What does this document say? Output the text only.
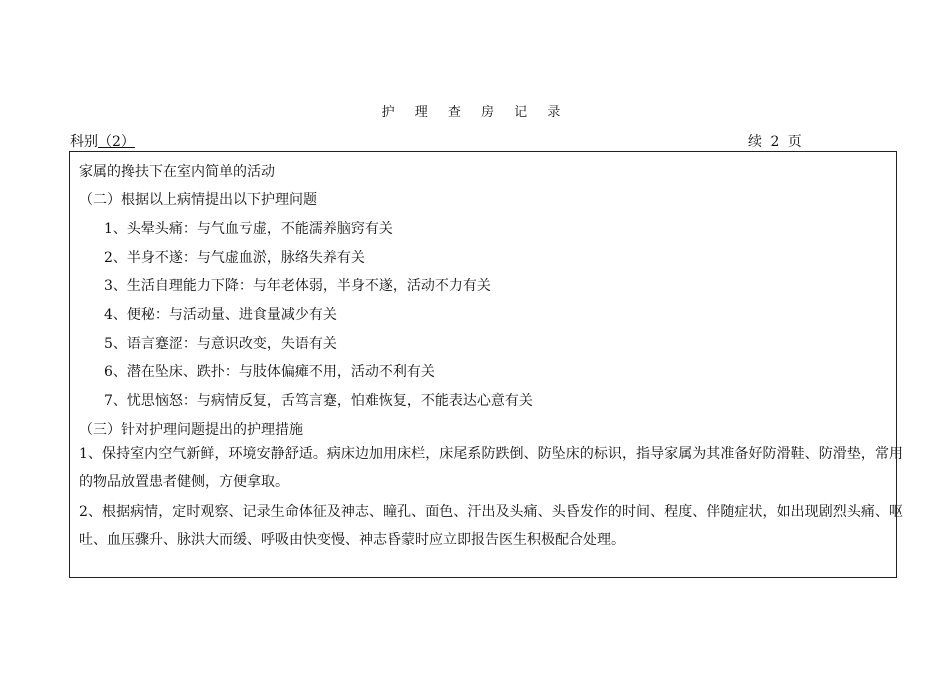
护 理 查 房 记 录
科别（2）	续 2 页
家属的搀扶下在室内简单的活动
（二）根据以上病情提出以下护理问题
1、头晕头痛：与气血亏虚，不能濡养脑窍有关
2、半身不遂：与气虚血淤，脉络失养有关
3、生活自理能力下降：与年老体弱，半身不遂，活动不力有关
4、便秘：与活动量、进食量减少有关
5、语言蹇涩：与意识改变，失语有关
6、潜在坠床、跌扑：与肢体偏瘫不用，活动不利有关
7、忧思恼怒：与病情反复，舌笃言蹇，怕难恢复，不能表达心意有关
（三）针对护理问题提出的护理措施
1、保持室内空气新鲜，环境安静舒适。病床边加用床栏，床尾系防跌倒、防坠床的标识，指导家属为其准备好防滑鞋、防滑垫，常用的物品放置患者健侧，方便拿取。
2、根据病情，定时观察、记录生命体征及神志、瞳孔、面色、汗出及头痛、头昏发作的时间、程度、伴随症状，如出现剧烈头痛、呕吐、血压骤升、脉洪大而缓、呼吸由快变慢、神志昏蒙时应立即报告医生积极配合处理。
